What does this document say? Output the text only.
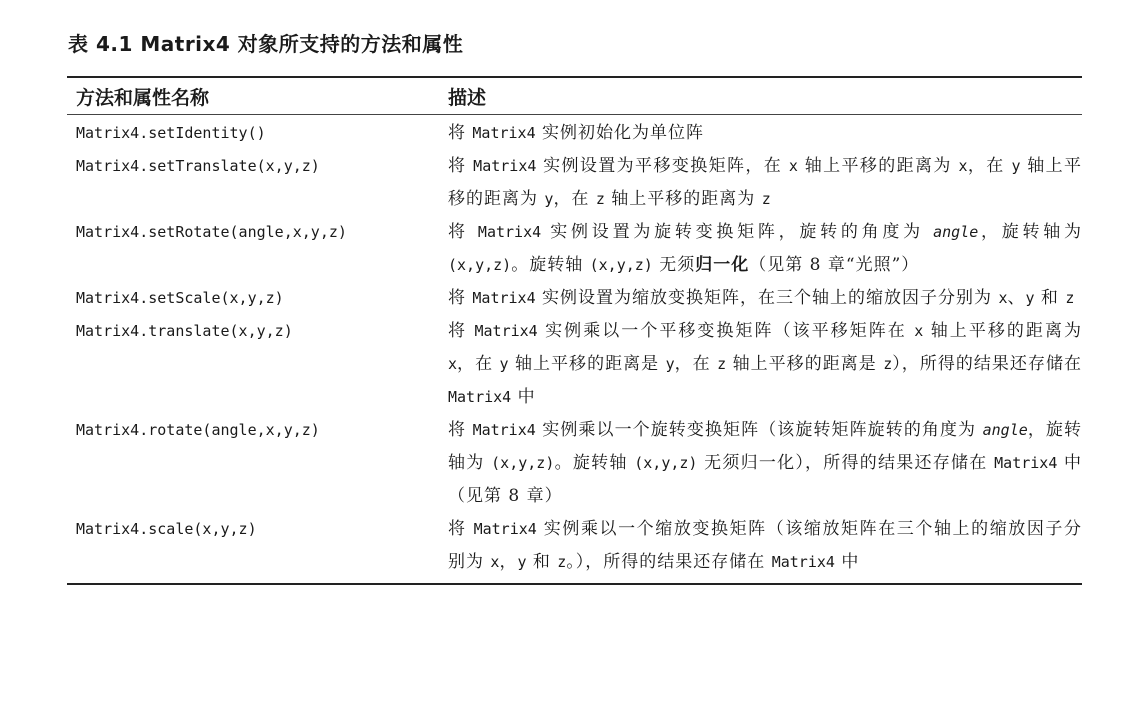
表 4.1 Matrix4 对象所支持的方法和属性
方法和属性名称	描述
Matrix4.setIdentity()	将 Matrix4 实例初始化为单位阵
Matrix4.setTranslate(x,y,z)	将 Matrix4 实例设置为平移变换矩阵，在 x 轴上平移的距离为 x，在 y 轴上平移的距离为 y，在 z 轴上平移的距离为 z
Matrix4.setRotate(angle,x,y,z)	将 Matrix4 实例设置为旋转变换矩阵，旋转的角度为 angle，旋转轴为 (x,y,z)。旋转轴 (x,y,z) 无须归一化（见第 8 章“光照”）
Matrix4.setScale(x,y,z)	将 Matrix4 实例设置为缩放变换矩阵，在三个轴上的缩放因子分别为 x、y 和 z
Matrix4.translate(x,y,z)	将 Matrix4 实例乘以一个平移变换矩阵（该平移矩阵在 x 轴上平移的距离为 x，在 y 轴上平移的距离是 y，在 z 轴上平移的距离是 z），所得的结果还存储在 Matrix4 中
Matrix4.rotate(angle,x,y,z)	将 Matrix4 实例乘以一个旋转变换矩阵（该旋转矩阵旋转的角度为 angle，旋转轴为 (x,y,z)。旋转轴 (x,y,z) 无须归一化），所得的结果还存储在 Matrix4 中（见第 8 章）
Matrix4.scale(x,y,z)	将 Matrix4 实例乘以一个缩放变换矩阵（该缩放矩阵在三个轴上的缩放因子分别为 x，y 和 z。），所得的结果还存储在 Matrix4 中
